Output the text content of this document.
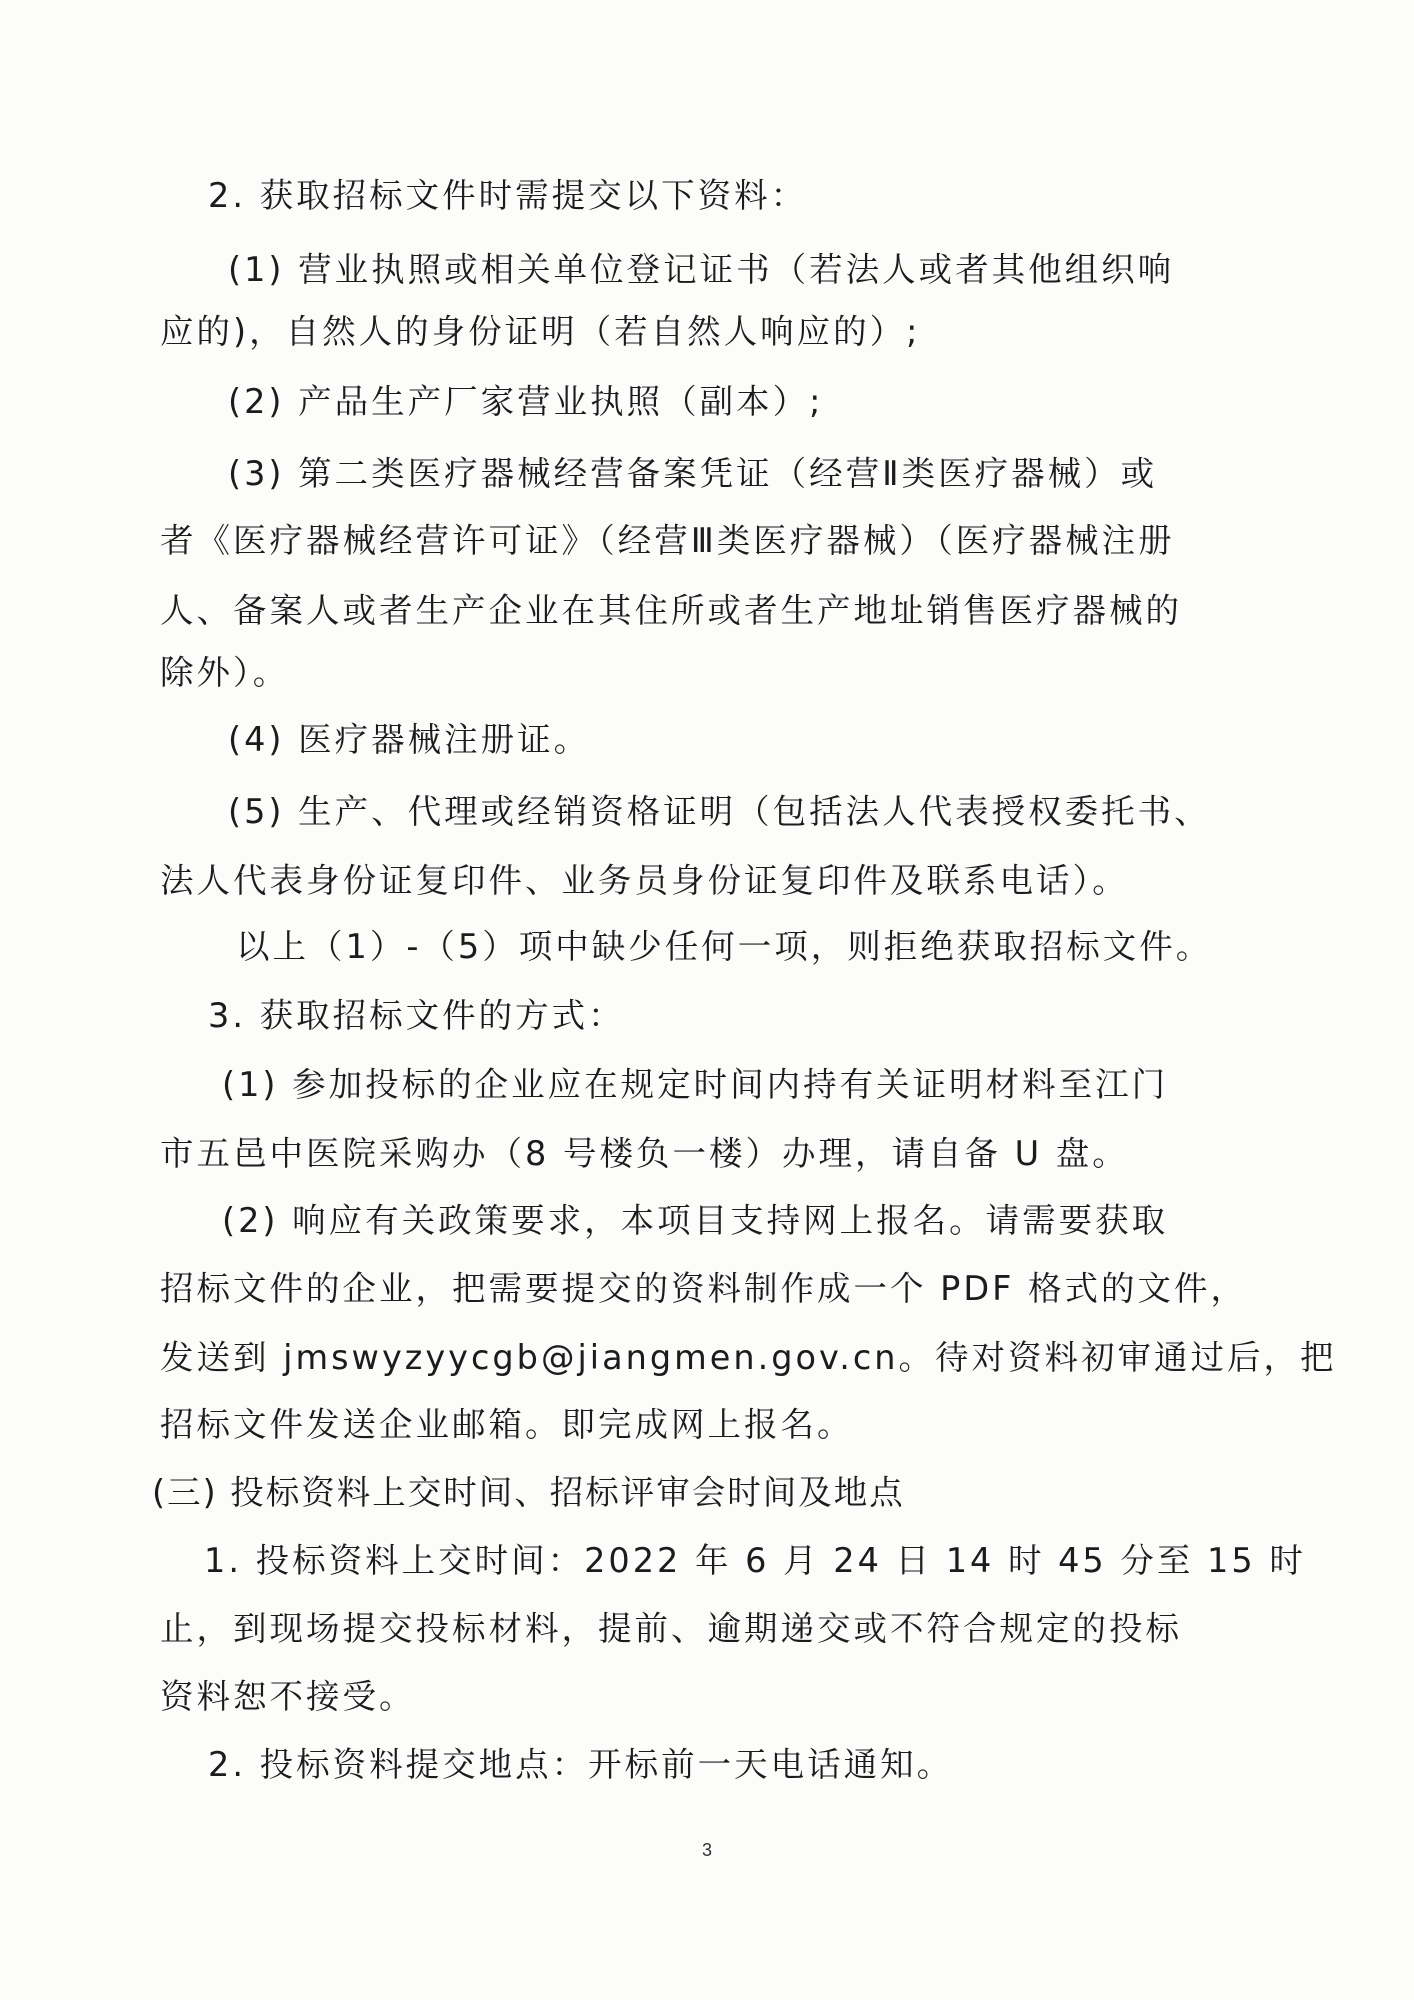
2. 获取招标文件时需提交以下资料：
(1) 营业执照或相关单位登记证书（若法人或者其他组织响
应的)，自然人的身份证明（若自然人响应的）;
(2) 产品生产厂家营业执照（副本）;
(3) 第二类医疗器械经营备案凭证（经营Ⅱ类医疗器械）或
者《医疗器械经营许可证》（经营Ⅲ类医疗器械）（医疗器械注册
人、备案人或者生产企业在其住所或者生产地址销售医疗器械的
除外）。
(4) 医疗器械注册证。
(5) 生产、代理或经销资格证明（包括法人代表授权委托书、
法人代表身份证复印件、业务员身份证复印件及联系电话）。
以上（1）-（5）项中缺少任何一项，则拒绝获取招标文件。
3. 获取招标文件的方式：
(1) 参加投标的企业应在规定时间内持有关证明材料至江门
市五邑中医院采购办（8 号楼负一楼）办理，请自备 U 盘。
(2) 响应有关政策要求，本项目支持网上报名。请需要获取
招标文件的企业，把需要提交的资料制作成一个 PDF 格式的文件，
发送到 jmswyzyycgb@jiangmen.gov.cn。待对资料初审通过后，把
招标文件发送企业邮箱。即完成网上报名。
(三) 投标资料上交时间、招标评审会时间及地点
1. 投标资料上交时间：2022 年 6 月 24 日 14 时 45 分至 15 时
止，到现场提交投标材料，提前、逾期递交或不符合规定的投标
资料恕不接受。
2. 投标资料提交地点：开标前一天电话通知。
3
